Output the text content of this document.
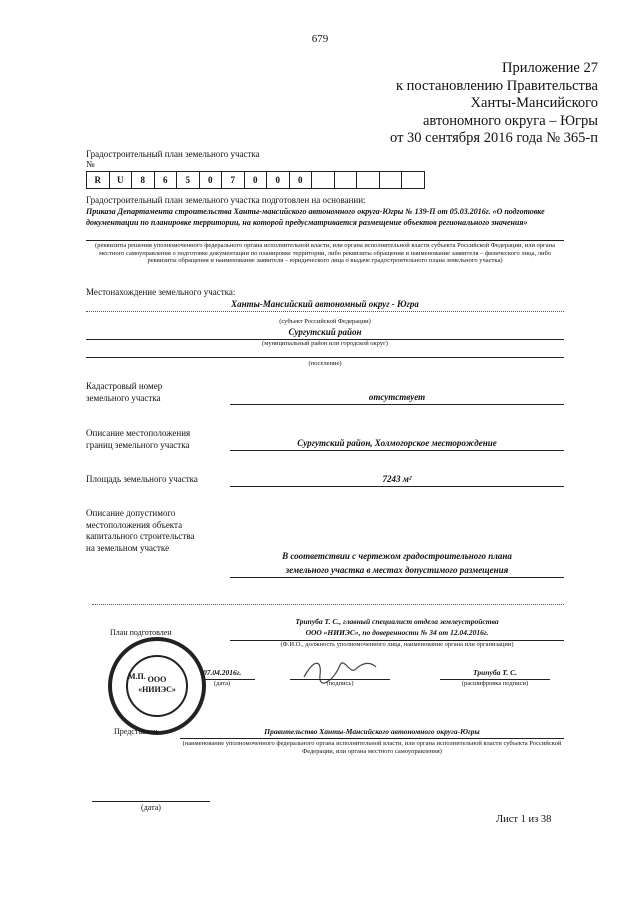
679
Приложение 27
к постановлению Правительства
Ханты-Мансийского
автономного округа – Югры
от 30 сентября 2016 года № 365-п
Градостроительный план земельного участка
№
R	U	8	6	5	0	7	0	0	0					
Градостроительный план земельного участка подготовлен на основании:
Приказа Департамента строительства Ханты-мансийского автономного округа-Югры № 139-П от 05.03.2016г. «О подготовке документации по планировке территории, на которой предусматривается размещение объектов регионального значения»
(реквизиты решения уполномоченного федерального органа исполнительной власти, или органа исполнительной власти субъекта Российской Федерации, или органа местного самоуправления о подготовке документации по планировке территории, либо реквизиты обращения и наименование заявителя – физического лица, либо реквизиты обращения и наименование заявителя – юридического лица о выдаче градостроительного плана земельного участка)
Местонахождение земельного участка:
Ханты-Мансийский автономный округ - Югра
(субъект Российской Федерации)
Сургутский район
(муниципальный район или городской округ)
(поселение)
Кадастровый номер
земельного участка	отсутствует
Описание местоположения
границ земельного участка	Сургутский район, Холмогорское месторождение
Площадь земельного участка	7243 м²
Описание допустимого
местоположения объекта
капитального строительства
на земельном участке
В соответствии с чертежом градостроительного плана
земельного участка в местах допустимого размещения
Трипуба Т. С., главный специалист отдела землеустройства
ООО «НИИЭС», по доверенности № 34 от 12.04.2016г.
План подготовлен
(Ф.И.О., должность уполномоченного лица, наименование органа или организации)
ООО
«НИИЭС»
М.П.	07.04.2016г.
(дата)	(подпись)
Трипуба Т. С.
(расшифровка подписи)
Представлен	Правительство Ханты-Мансийского автономного округа-Югры
(наименование уполномоченного федерального органа исполнительной власти, или органа исполнительной власти субъекта Российской Федерации, или органа местного самоуправления)
(дата)
Лист 1 из 38
